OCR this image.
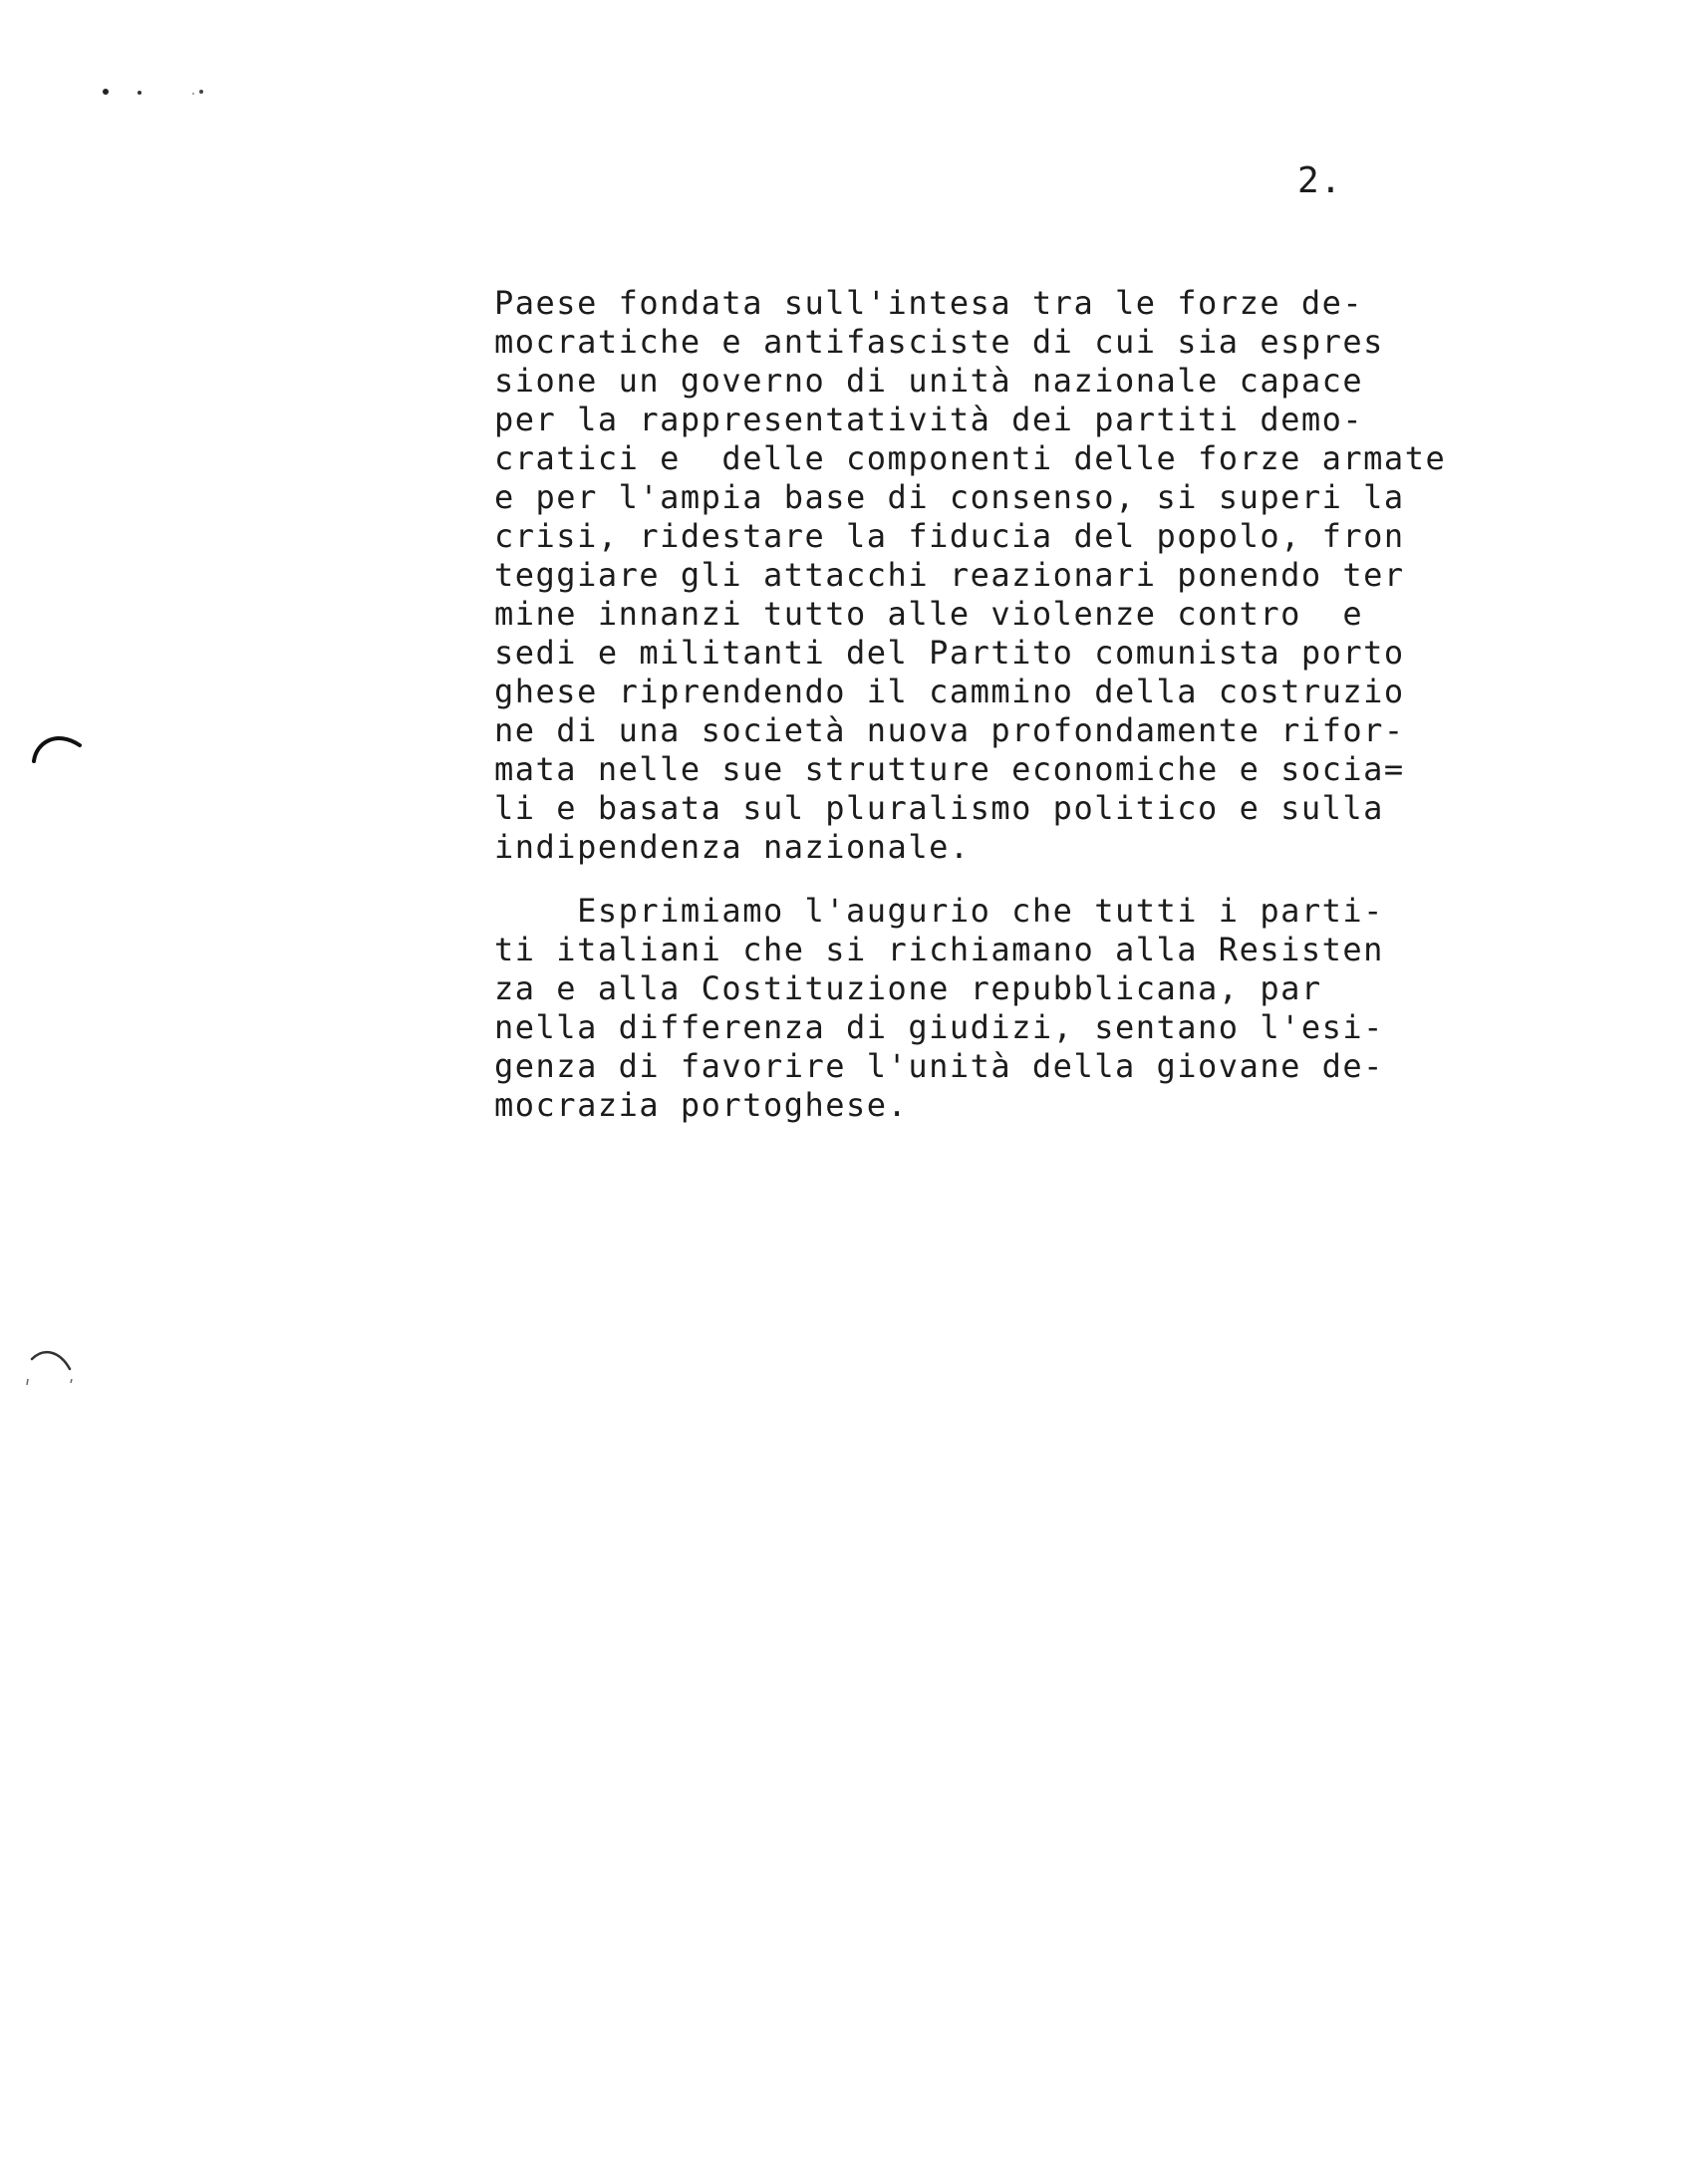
2.
Paese fondata sull'intesa tra le forze de-
mocratiche e antifasciste di cui sia espres
sione un governo di unità nazionale capace
per la rappresentatività dei partiti demo-
cratici e  delle componenti delle forze armate
e per l'ampia base di consenso, si superi la
crisi, ridestare la fiducia del popolo, fron
teggiare gli attacchi reazionari ponendo ter
mine innanzi tutto alle violenze contro  e
sedi e militanti del Partito comunista porto
ghese riprendendo il cammino della costruzio
ne di una società nuova profondamente rifor-
mata nelle sue strutture economiche e socia=
li e basata sul pluralismo politico e sulla
indipendenza nazionale.
Esprimiamo l'augurio che tutti i parti-
ti italiani che si richiamano alla Resisten
za e alla Costituzione repubblicana, par
nella differenza di giudizi, sentano l'esi-
genza di favorire l'unità della giovane de-
mocrazia portoghese.
